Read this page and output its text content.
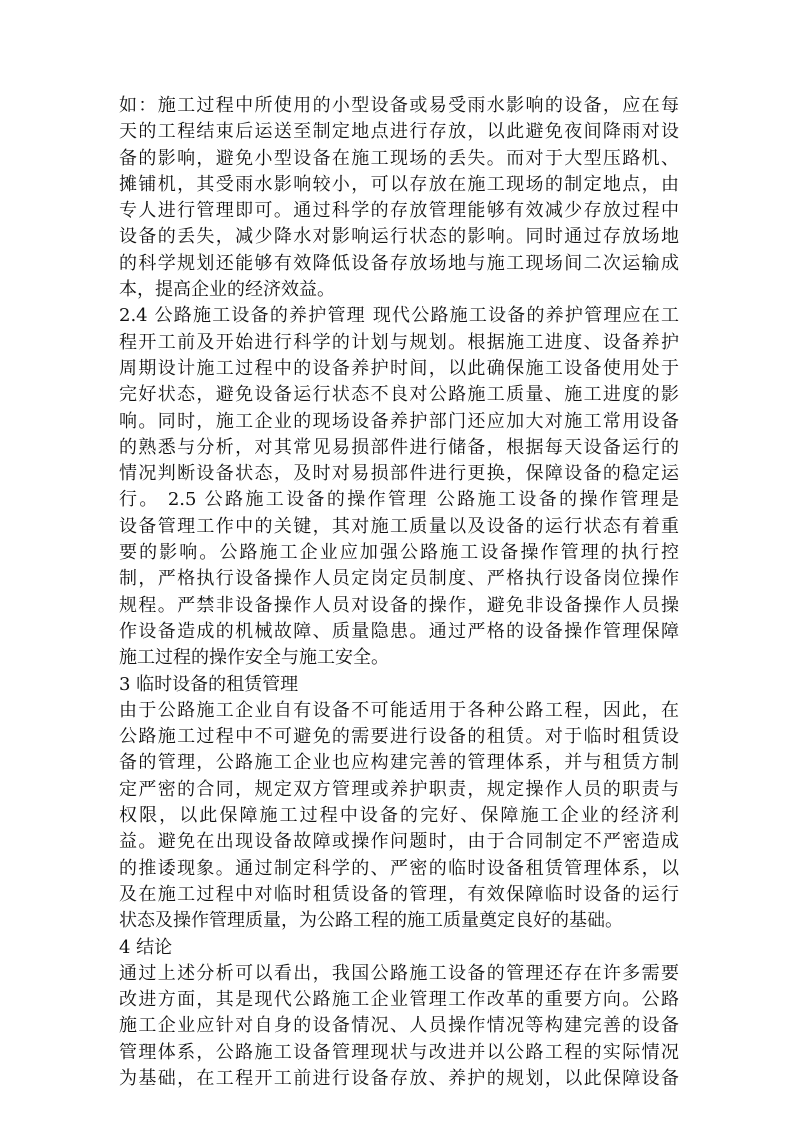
如：施工过程中所使用的小型设备或易受雨水影响的设备，应在每
天的工程结束后运送至制定地点进行存放，以此避免夜间降雨对设
备的影响，避免小型设备在施工现场的丢失。而对于大型压路机、
摊铺机，其受雨水影响较小，可以存放在施工现场的制定地点，由
专人进行管理即可。通过科学的存放管理能够有效减少存放过程中
设备的丢失，减少降水对影响运行状态的影响。同时通过存放场地
的科学规划还能够有效降低设备存放场地与施工现场间二次运输成
本，提高企业的经济效益。
2.4 公路施工设备的养护管理 现代公路施工设备的养护管理应在工
程开工前及开始进行科学的计划与规划。根据施工进度、设备养护
周期设计施工过程中的设备养护时间，以此确保施工设备使用处于
完好状态，避免设备运行状态不良对公路施工质量、施工进度的影
响。同时，施工企业的现场设备养护部门还应加大对施工常用设备
的熟悉与分析，对其常见易损部件进行储备，根据每天设备运行的
情况判断设备状态，及时对易损部件进行更换，保障设备的稳定运
行。 2.5 公路施工设备的操作管理 公路施工设备的操作管理是
设备管理工作中的关键，其对施工质量以及设备的运行状态有着重
要的影响。公路施工企业应加强公路施工设备操作管理的执行控
制，严格执行设备操作人员定岗定员制度、严格执行设备岗位操作
规程。严禁非设备操作人员对设备的操作，避免非设备操作人员操
作设备造成的机械故障、质量隐患。通过严格的设备操作管理保障
施工过程的操作安全与施工安全。
3 临时设备的租赁管理
由于公路施工企业自有设备不可能适用于各种公路工程，因此，在
公路施工过程中不可避免的需要进行设备的租赁。对于临时租赁设
备的管理，公路施工企业也应构建完善的管理体系，并与租赁方制
定严密的合同，规定双方管理或养护职责，规定操作人员的职责与
权限，以此保障施工过程中设备的完好、保障施工企业的经济利
益。避免在出现设备故障或操作问题时，由于合同制定不严密造成
的推诿现象。通过制定科学的、严密的临时设备租赁管理体系，以
及在施工过程中对临时租赁设备的管理，有效保障临时设备的运行
状态及操作管理质量，为公路工程的施工质量奠定良好的基础。
4 结论
通过上述分析可以看出，我国公路施工设备的管理还存在许多需要
改进方面，其是现代公路施工企业管理工作改革的重要方向。公路
施工企业应针对自身的设备情况、人员操作情况等构建完善的设备
管理体系，公路施工设备管理现状与改进并以公路工程的实际情况
为基础，在工程开工前进行设备存放、养护的规划，以此保障设备
